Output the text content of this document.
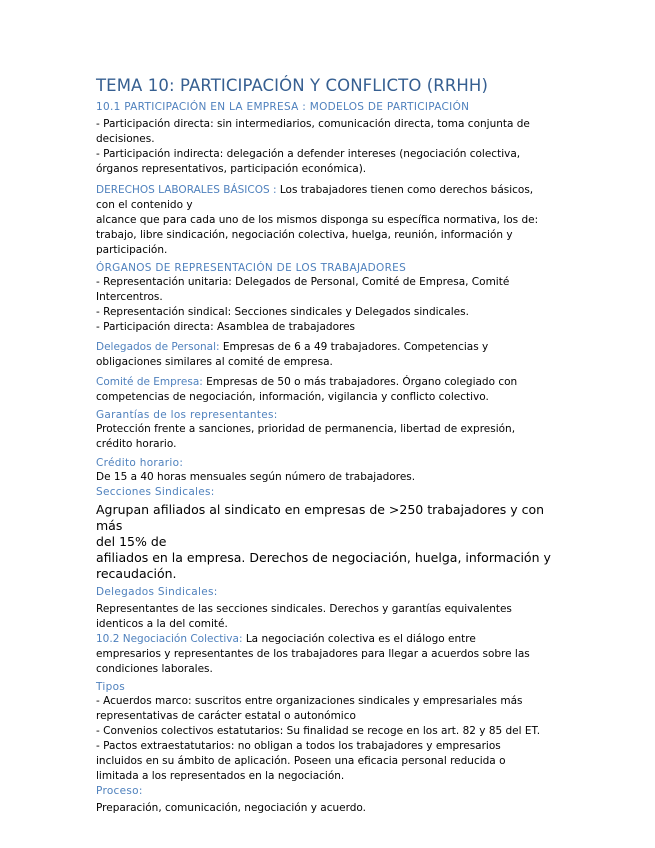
TEMA 10: PARTICIPACIÓN Y CONFLICTO (RRHH)
10.1 PARTICIPACIÓN EN LA EMPRESA : MODELOS DE PARTICIPACIÓN
- Participación directa: sin intermediarios, comunicación directa, toma conjunta de
decisiones.
- Participación indirecta: delegación a defender intereses (negociación colectiva,
órganos representativos, participación económica).
DERECHOS LABORALES BÁSICOS : Los trabajadores tienen como derechos básicos,
con el contenido y
alcance que para cada uno de los mismos disponga su específica normativa, los de:
trabajo, libre sindicación, negociación colectiva, huelga, reunión, información y
participación.
ÓRGANOS DE REPRESENTACIÓN DE LOS TRABAJADORES
- Representación unitaria: Delegados de Personal, Comité de Empresa, Comité
Intercentros.
- Representación sindical: Secciones sindicales y Delegados sindicales.
- Participación directa: Asamblea de trabajadores
Delegados de Personal: Empresas de 6 a 49 trabajadores. Competencias y
obligaciones similares al comité de empresa.
Comité de Empresa: Empresas de 50 o más trabajadores. Órgano colegiado con
competencias de negociación, información, vigilancia y conflicto colectivo.
Garantías de los representantes:
Protección frente a sanciones, prioridad de permanencia, libertad de expresión,
crédito horario.
Crédito horario:
De 15 a 40 horas mensuales según número de trabajadores.
Secciones Sindicales:
Agrupan afiliados al sindicato en empresas de >250 trabajadores y con más
del 15% de
afiliados en la empresa. Derechos de negociación, huelga, información y
recaudación.
Delegados Sindicales:
Representantes de las secciones sindicales. Derechos y garantías equivalentes
identicos a la del comité.
10.2 Negociación Colectiva: La negociación colectiva es el diálogo entre
empresarios y representantes de los trabajadores para llegar a acuerdos sobre las
condiciones laborales.
Tipos
- Acuerdos marco: suscritos entre organizaciones sindicales y empresariales más
representativas de carácter estatal o autonómico
- Convenios colectivos estatutarios: Su finalidad se recoge en los art. 82 y 85 del ET.
- Pactos extraestatutarios: no obligan a todos los trabajadores y empresarios
incluidos en su ámbito de aplicación. Poseen una eficacia personal reducida o
limitada a los representados en la negociación.
Proceso:
Preparación, comunicación, negociación y acuerdo.
